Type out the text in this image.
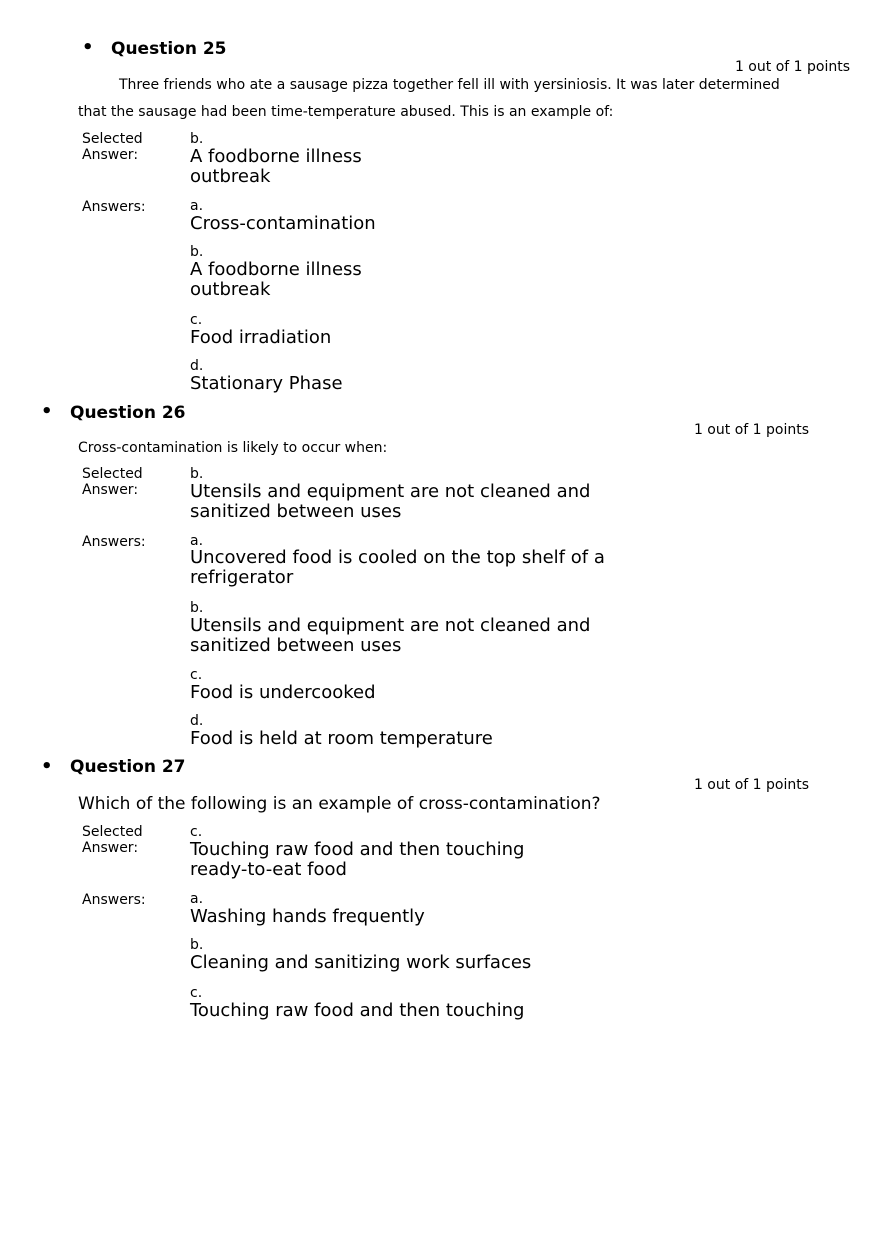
• Question 25
1 out of 1 points
Three friends who ate a sausage pizza together fell ill with yersiniosis. It was later determined
that the sausage had been time-temperature abused. This is an example of:
Selected
Answer:
b.
A foodborne illness
outbreak
Answers:	a.
Cross-contamination
b.
A foodborne illness
outbreak
c.
Food irradiation
d.
Stationary Phase
• Question 26
1 out of 1 points
Cross-contamination is likely to occur when:
Selected
Answer:
b.
Utensils and equipment are not cleaned and
sanitized between uses
Answers:	a.
Uncovered food is cooled on the top shelf of a
refrigerator
b.
Utensils and equipment are not cleaned and
sanitized between uses
c.
Food is undercooked
d.
Food is held at room temperature
• Question 27
1 out of 1 points
Which of the following is an example of cross-contamination?
Selected
Answer:
c.
Touching raw food and then touching
ready-to-eat food
Answers:	a.
Washing hands frequently
b.
Cleaning and sanitizing work surfaces
c.
Touching raw food and then touching
